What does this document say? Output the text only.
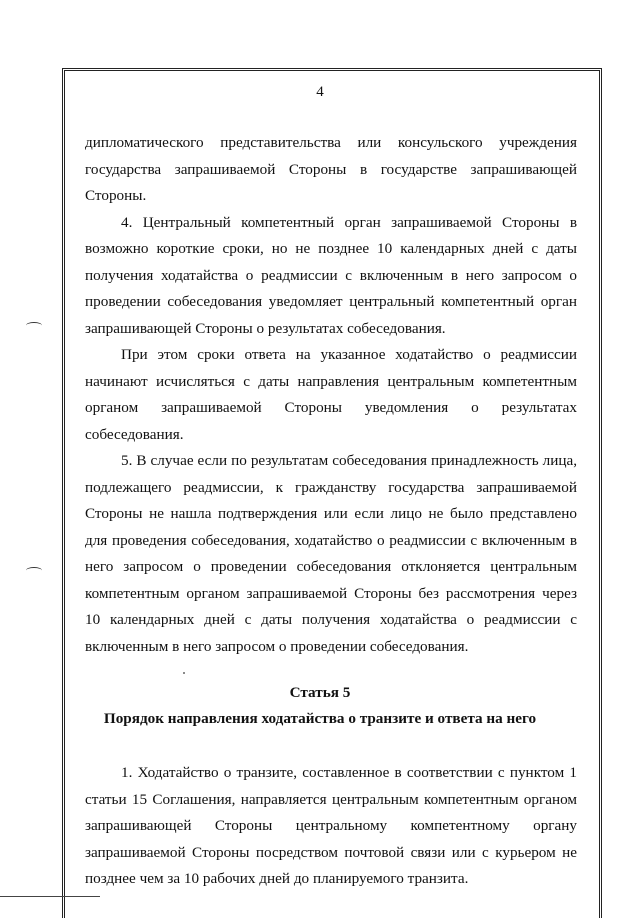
4

дипломатического представительства или консульского учреждения государства запрашиваемой Стороны в государстве запрашивающей Стороны.

4. Центральный компетентный орган запрашиваемой Стороны в возможно короткие сроки, но не позднее 10 календарных дней с даты получения ходатайства о реадмиссии с включенным в него запросом о проведении собеседования уведомляет центральный компетентный орган запрашивающей Стороны о результатах собеседования.

При этом сроки ответа на указанное ходатайство о реадмиссии начинают исчисляться с даты направления центральным компетентным органом запрашиваемой Стороны уведомления о результатах собеседования.

5. В случае если по результатам собеседования принадлежность лица, подлежащего реадмиссии, к гражданству государства запрашиваемой Стороны не нашла подтверждения или если лицо не было представлено для проведения собеседования, ходатайство о реадмиссии с включенным в него запросом о проведении собеседования отклоняется центральным компетентным органом запрашиваемой Стороны без рассмотрения через 10 календарных дней с даты получения ходатайства о реадмиссии с включенным в него запросом о проведении собеседования.

Статья 5
Порядок направления ходатайства о транзите и ответа на него

1. Ходатайство о транзите, составленное в соответствии с пунктом 1 статьи 15 Соглашения, направляется центральным компетентным органом запрашивающей Стороны центральному компетентному органу запрашиваемой Стороны посредством почтовой связи или с курьером не позднее чем за 10 рабочих дней до планируемого транзита.
